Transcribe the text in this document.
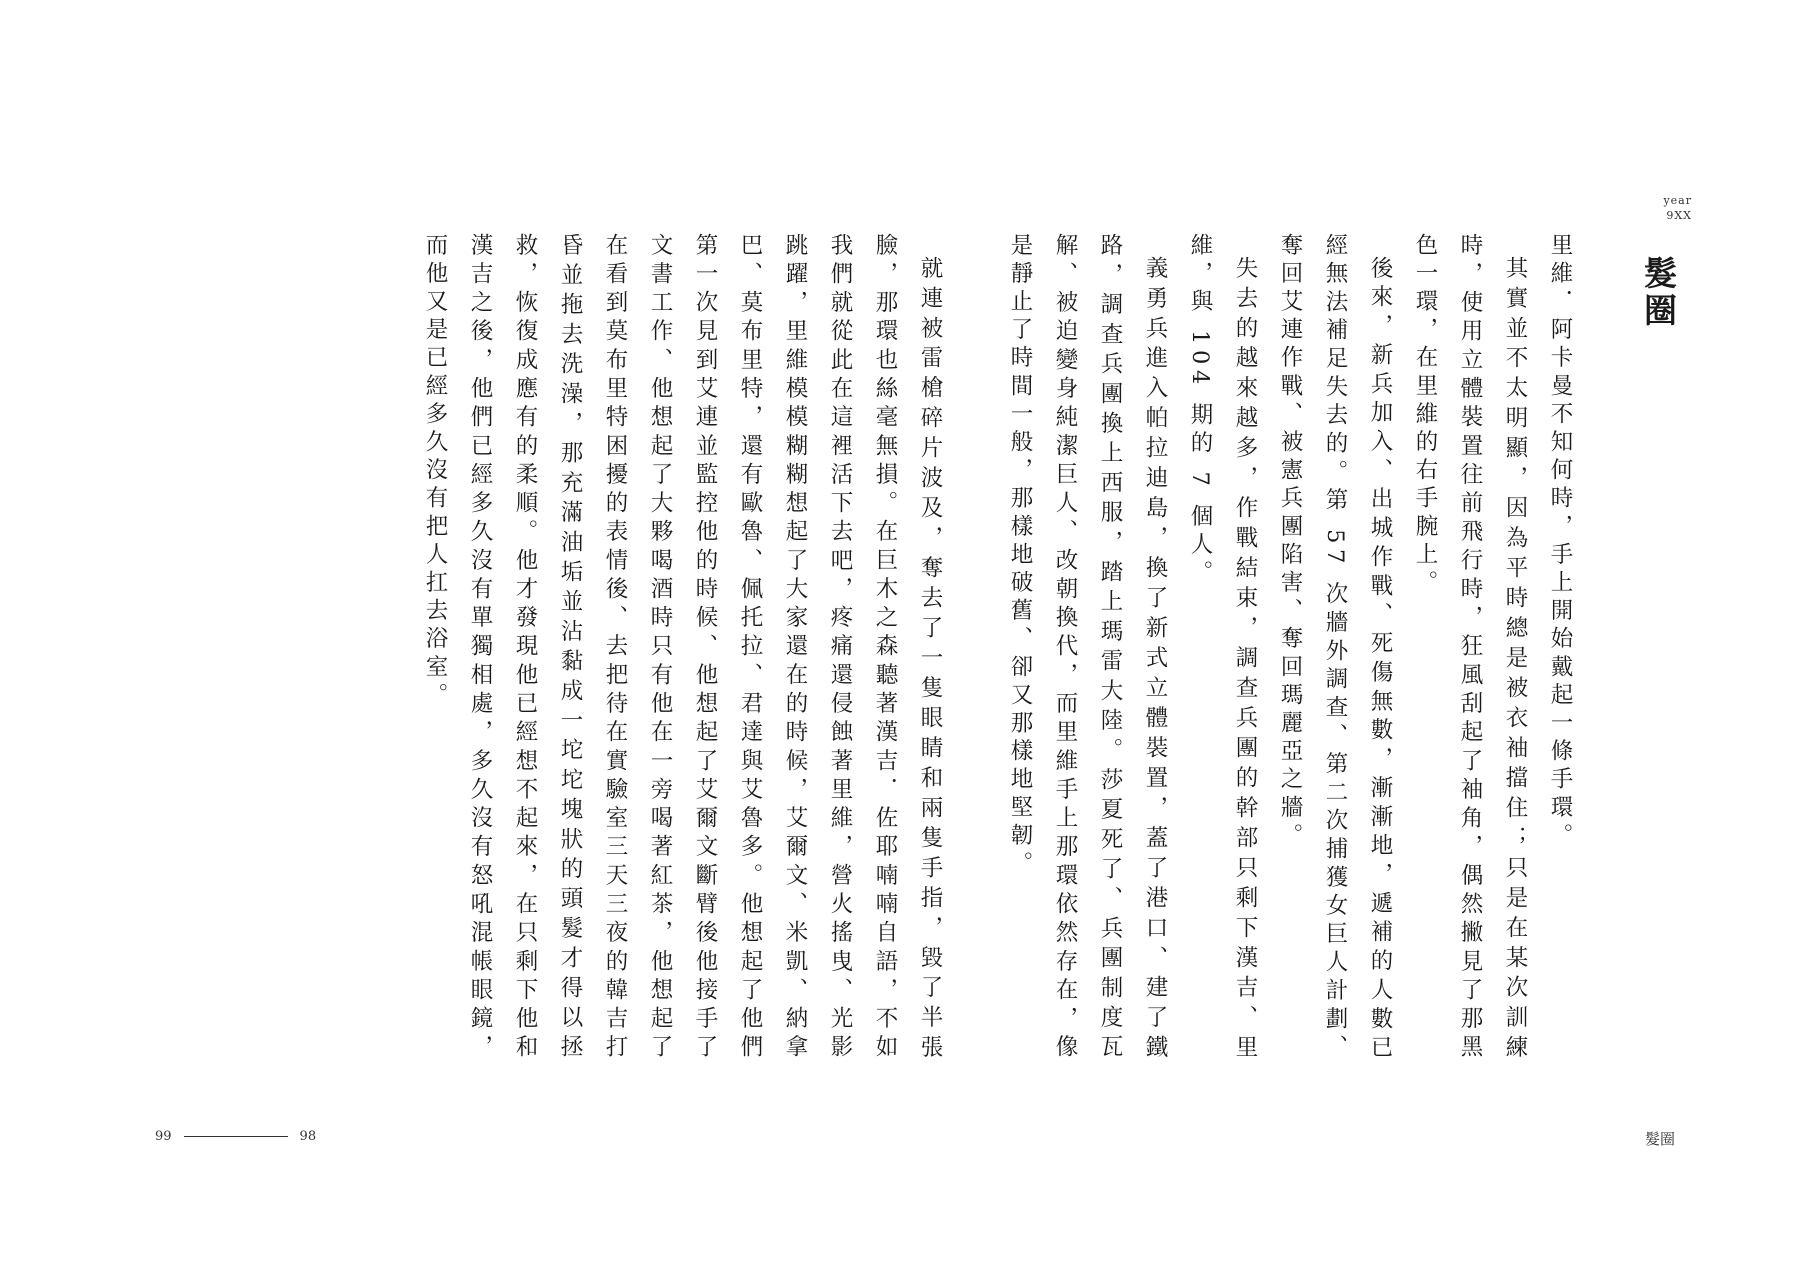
year
9XX
髮圈

里維．阿卡曼不知何時，手上開始戴起一條手環。

其實並不太明顯，因為平時總是被衣袖擋住；只是在某次訓練時，使用立體裝置往前飛行時，狂風刮起了袖角，偶然撇見了那黑色一環，在里維的右手腕上。

後來，新兵加入、出城作戰、死傷無數，漸漸地，遞補的人數已經無法補足失去的。第 57 次牆外調查、第二次捕獲女巨人計劃、奪回艾連作戰、被憲兵團陷害、奪回瑪麗亞之牆。

失去的越來越多，作戰結束，調查兵團的幹部只剩下漢吉、里維，與 104 期的 7 個人。

義勇兵進入帕拉迪島，換了新式立體裝置，蓋了港口、建了鐵路，調查兵團換上西服，踏上瑪雷大陸。莎夏死了、兵團制度瓦解、被迫變身純潔巨人、改朝換代，而里維手上那環依然存在，像是靜止了時間一般，那樣地破舊、卻又那樣地堅韌。

就連被雷槍碎片波及，奪去了一隻眼睛和兩隻手指，毀了半張臉，那環也絲毫無損。在巨木之森聽著漢吉．佐耶喃喃自語，不如我們就從此在這裡活下去吧，疼痛還侵蝕著里維，營火搖曳、光影跳躍，里維模模糊糊想起了大家還在的時候，艾爾文、米凱、納拿巴、莫布里特，還有歐魯、佩托拉、君達與艾魯多。他想起了他們第一次見到艾連並監控他的時候、他想起了艾爾文斷臂後他接手了文書工作、他想起了大夥喝酒時只有他在一旁喝著紅茶，他想起了在看到莫布里特困擾的表情後、去把待在實驗室三天三夜的韓吉打昏並拖去洗澡，那充滿油垢並沾黏成一坨坨塊狀的頭髮才得以拯救，恢復成應有的柔順。他才發現他已經想不起來，在只剩下他和漢吉之後，他們已經多久沒有單獨相處，多久沒有怒吼混帳眼鏡，而他又是已經多久沒有把人扛去浴室。

99	98	髮圈
